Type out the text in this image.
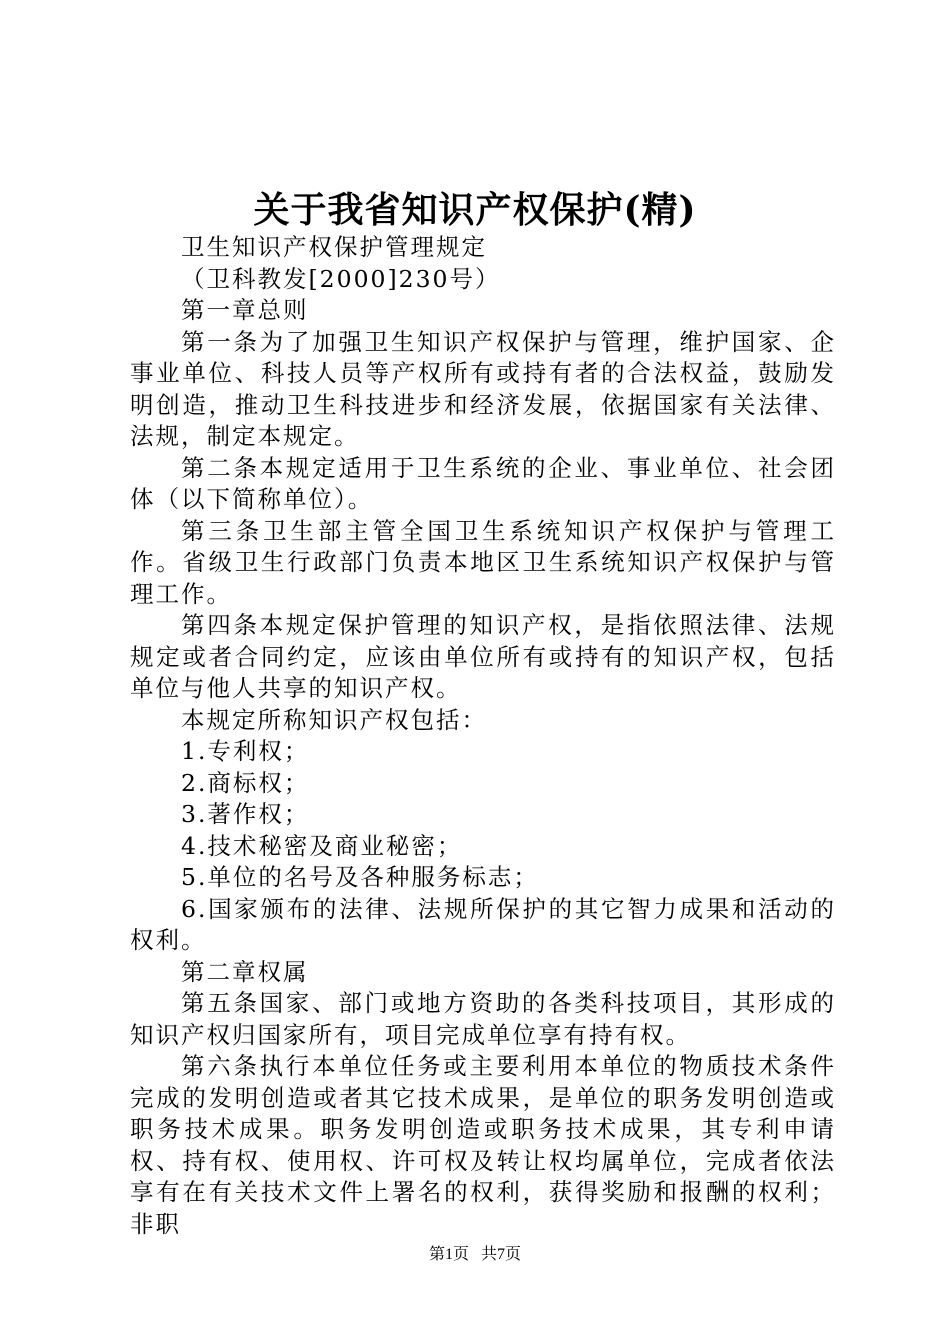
关于我省知识产权保护(精)

卫生知识产权保护管理规定

（卫科教发[2000]230号）

第一章总则

第一条为了加强卫生知识产权保护与管理，维护国家、企事业单位、科技人员等产权所有或持有者的合法权益，鼓励发明创造，推动卫生科技进步和经济发展，依据国家有关法律、法规，制定本规定。

第二条本规定适用于卫生系统的企业、事业单位、社会团体（以下简称单位）。

第三条卫生部主管全国卫生系统知识产权保护与管理工作。省级卫生行政部门负责本地区卫生系统知识产权保护与管理工作。

第四条本规定保护管理的知识产权，是指依照法律、法规规定或者合同约定，应该由单位所有或持有的知识产权，包括单位与他人共享的知识产权。

本规定所称知识产权包括：

1.专利权；

2.商标权；

3.著作权；

4.技术秘密及商业秘密；

5.单位的名号及各种服务标志；

6.国家颁布的法律、法规所保护的其它智力成果和活动的权利。

第二章权属

第五条国家、部门或地方资助的各类科技项目，其形成的知识产权归国家所有，项目完成单位享有持有权。

第六条执行本单位任务或主要利用本单位的物质技术条件完成的发明创造或者其它技术成果，是单位的职务发明创造或职务技术成果。职务发明创造或职务技术成果，其专利申请权、持有权、使用权、许可权及转让权均属单位，完成者依法享有在有关技术文件上署名的权利，获得奖励和报酬的权利；非职

第1页 共7页
